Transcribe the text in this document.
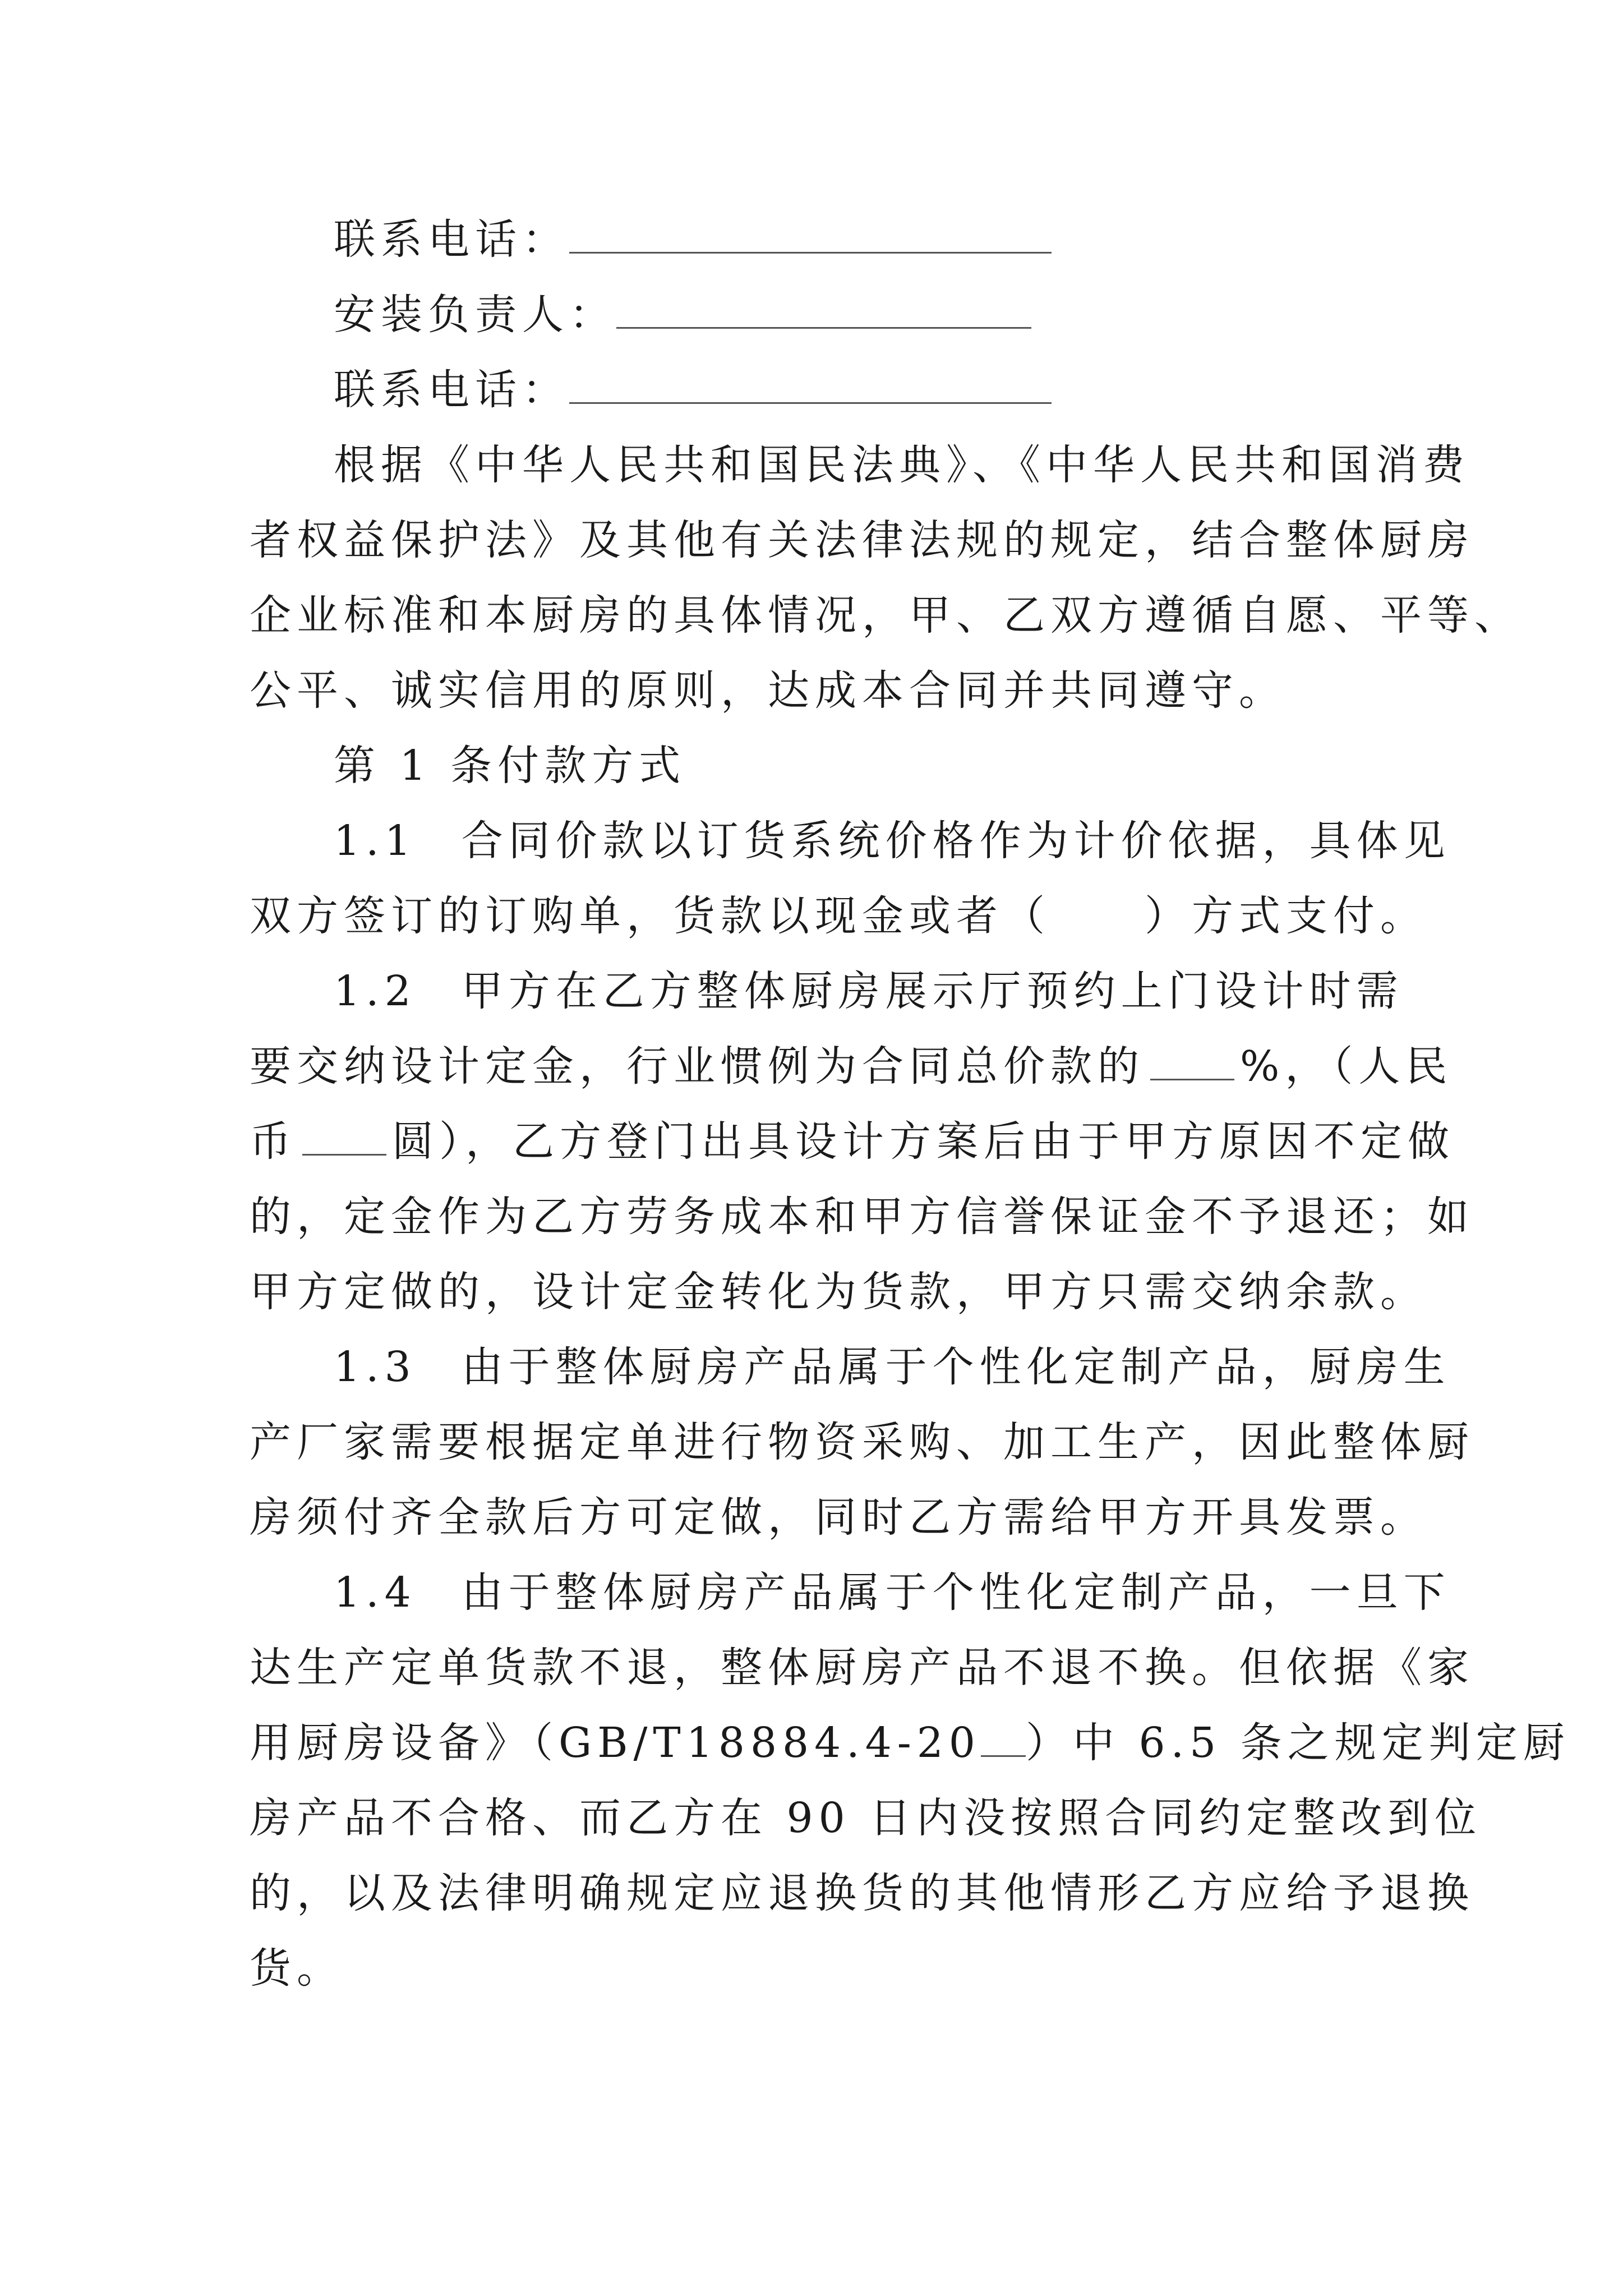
联系电话：
安装负责人：
联系电话：
根据《中华人民共和国民法典》、《中华人民共和国消费
者权益保护法》及其他有关法律法规的规定，结合整体厨房
企业标准和本厨房的具体情况，甲、乙双方遵循自愿、平等、
公平、诚实信用的原则，达成本合同并共同遵守。
第 1 条付款方式
1.1 合同价款以订货系统价格作为计价依据，具体见
双方签订的订购单，货款以现金或者（　　）方式支付。
1.2 甲方在乙方整体厨房展示厅预约上门设计时需
要交纳设计定金，行业惯例为合同总价款的 %，（人民
币 圆），乙方登门出具设计方案后由于甲方原因不定做
的，定金作为乙方劳务成本和甲方信誉保证金不予退还；如
甲方定做的，设计定金转化为货款，甲方只需交纳余款。
1.3 由于整体厨房产品属于个性化定制产品，厨房生
产厂家需要根据定单进行物资采购、加工生产，因此整体厨
房须付齐全款后方可定做，同时乙方需给甲方开具发票。
1.4 由于整体厨房产品属于个性化定制产品，一旦下
达生产定单货款不退，整体厨房产品不退不换。但依据《家
用厨房设备》（GB/T18884.4-20 ）中 6.5 条之规定判定厨
房产品不合格、而乙方在 90 日内没按照合同约定整改到位
的，以及法律明确规定应退换货的其他情形乙方应给予退换
货。
